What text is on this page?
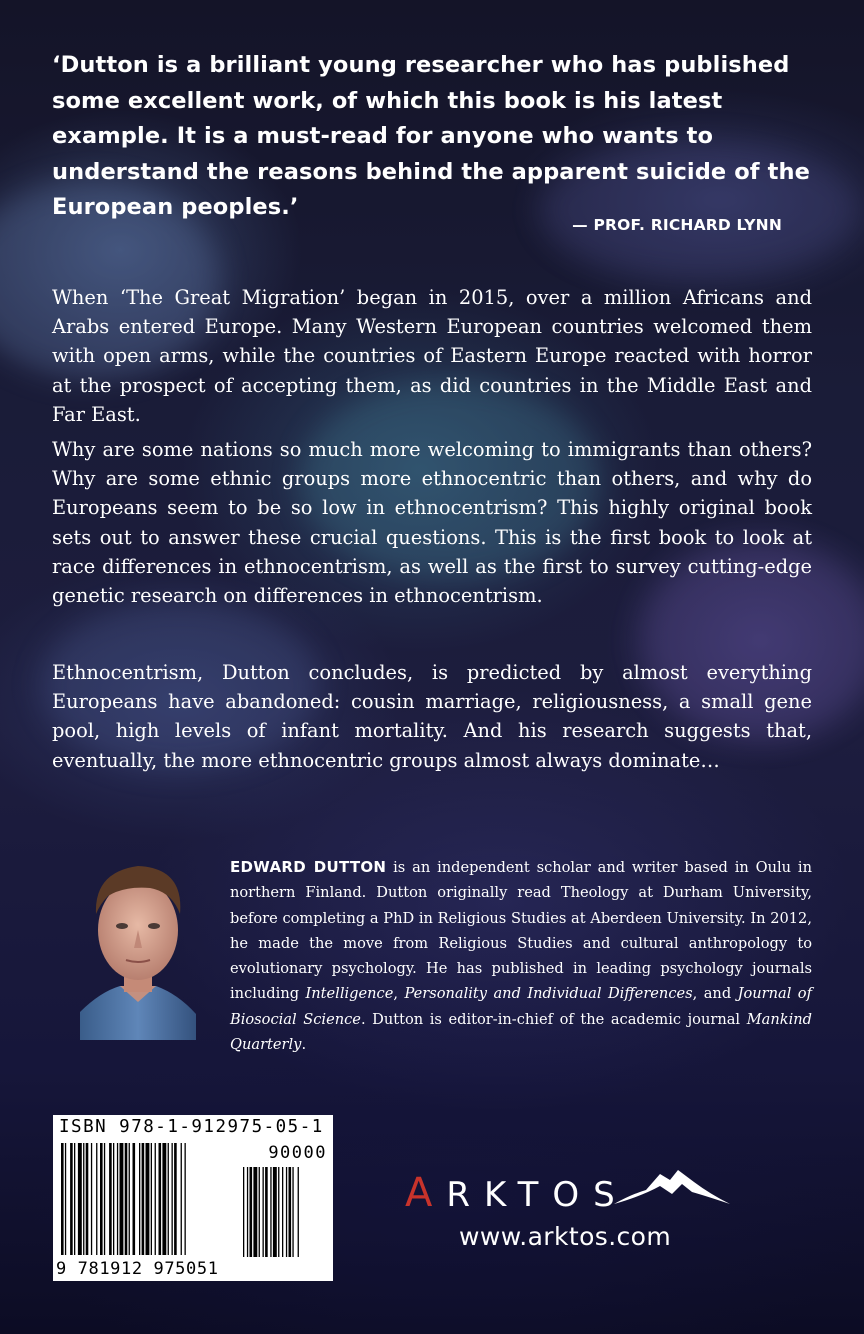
‘Dutton is a brilliant young researcher who has published some excellent work, of which this book is his latest example. It is a must-read for anyone who wants to understand the reasons behind the apparent suicide of the European peoples.’
— PROF. RICHARD LYNN
When ‘The Great Migration’ began in 2015, over a million Africans and Arabs entered Europe. Many Western European countries welcomed them with open arms, while the countries of Eastern Europe reacted with horror at the prospect of accepting them, as did countries in the Middle East and Far East.
Why are some nations so much more welcoming to immigrants than others? Why are some ethnic groups more ethnocentric than others, and why do Europeans seem to be so low in ethnocentrism? This highly original book sets out to answer these crucial questions. This is the first book to look at race differences in ethnocentrism, as well as the first to survey cutting-edge genetic research on differences in ethnocentrism.
Ethnocentrism, Dutton concludes, is predicted by almost everything Europeans have abandoned: cousin marriage, religiousness, a small gene pool, high levels of infant mortality. And his research suggests that, eventually, the more ethnocentric groups almost always dominate…
EDWARD DUTTON is an independent scholar and writer based in Oulu in northern Finland. Dutton originally read Theology at Durham University, before completing a PhD in Religious Studies at Aberdeen University. In 2012, he made the move from Religious Studies and cultural anthropology to evolutionary psychology. He has published in leading psychology journals including Intelligence, Personality and Individual Differences, and Journal of Biosocial Science. Dutton is editor-in-chief of the academic journal Mankind Quarterly.
ISBN 978-1-912975-05-1
90000
9 781912 975051
ARKTOS
www.arktos.com
